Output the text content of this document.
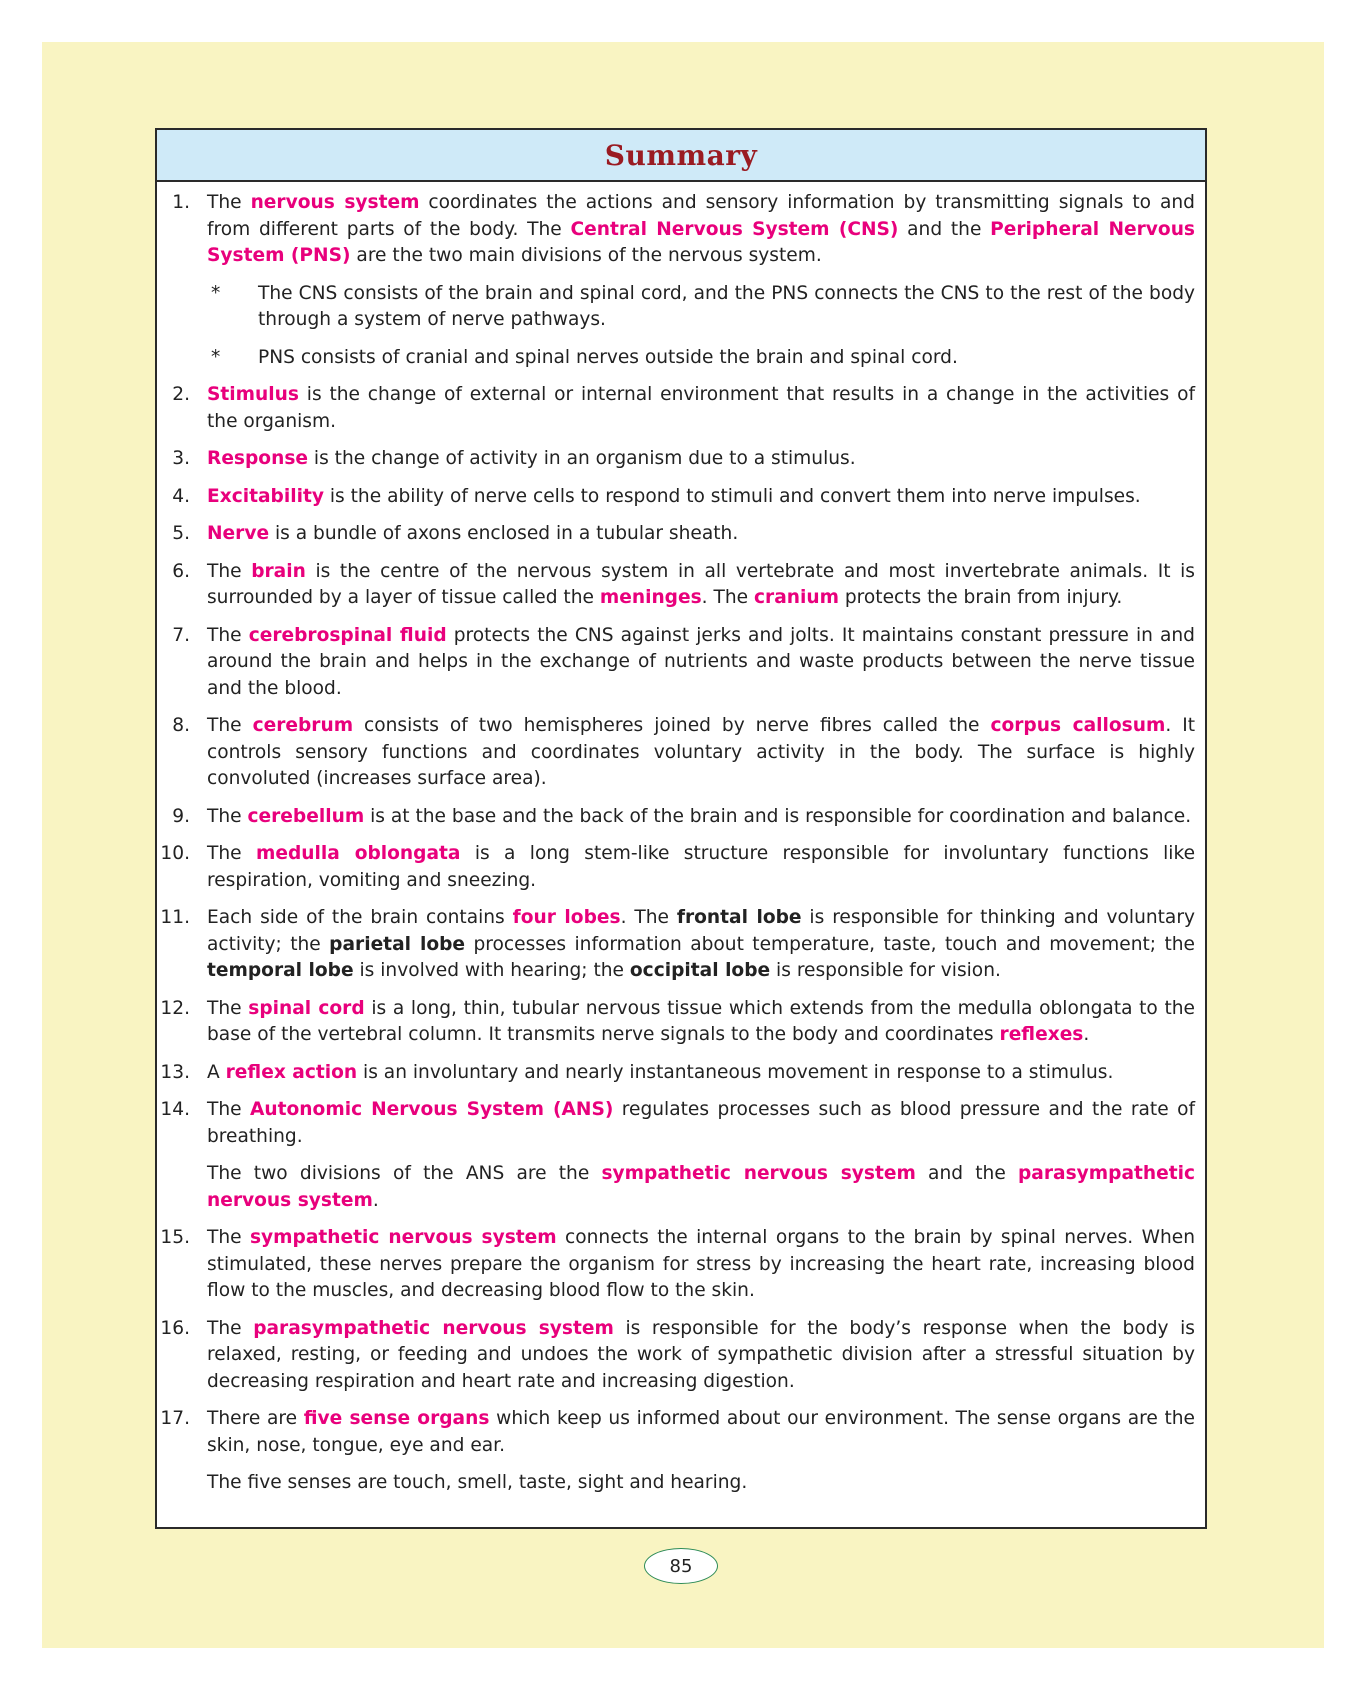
Summary
1. The nervous system coordinates the actions and sensory information by transmitting signals to and from different parts of the body. The Central Nervous System (CNS) and the Peripheral Nervous System (PNS) are the two main divisions of the nervous system.
* The CNS consists of the brain and spinal cord, and the PNS connects the CNS to the rest of the body through a system of nerve pathways.
* PNS consists of cranial and spinal nerves outside the brain and spinal cord.
2. Stimulus is the change of external or internal environment that results in a change in the activities of the organism.
3. Response is the change of activity in an organism due to a stimulus.
4. Excitability is the ability of nerve cells to respond to stimuli and convert them into nerve impulses.
5. Nerve is a bundle of axons enclosed in a tubular sheath.
6. The brain is the centre of the nervous system in all vertebrate and most invertebrate animals. It is surrounded by a layer of tissue called the meninges. The cranium protects the brain from injury.
7. The cerebrospinal fluid protects the CNS against jerks and jolts. It maintains constant pressure in and around the brain and helps in the exchange of nutrients and waste products between the nerve tissue and the blood.
8. The cerebrum consists of two hemispheres joined by nerve fibres called the corpus callosum. It controls sensory functions and coordinates voluntary activity in the body. The surface is highly convoluted (increases surface area).
9. The cerebellum is at the base and the back of the brain and is responsible for coordination and balance.
10. The medulla oblongata is a long stem-like structure responsible for involuntary functions like respiration, vomiting and sneezing.
11. Each side of the brain contains four lobes. The frontal lobe is responsible for thinking and voluntary activity; the parietal lobe processes information about temperature, taste, touch and movement; the temporal lobe is involved with hearing; the occipital lobe is responsible for vision.
12. The spinal cord is a long, thin, tubular nervous tissue which extends from the medulla oblongata to the base of the vertebral column. It transmits nerve signals to the body and coordinates reflexes.
13. A reflex action is an involuntary and nearly instantaneous movement in response to a stimulus.
14. The Autonomic Nervous System (ANS) regulates processes such as blood pressure and the rate of breathing.
The two divisions of the ANS are the sympathetic nervous system and the parasympathetic nervous system.
15. The sympathetic nervous system connects the internal organs to the brain by spinal nerves. When stimulated, these nerves prepare the organism for stress by increasing the heart rate, increasing blood flow to the muscles, and decreasing blood flow to the skin.
16. The parasympathetic nervous system is responsible for the body’s response when the body is relaxed, resting, or feeding and undoes the work of sympathetic division after a stressful situation by decreasing respiration and heart rate and increasing digestion.
17. There are five sense organs which keep us informed about our environment. The sense organs are the skin, nose, tongue, eye and ear.
The five senses are touch, smell, taste, sight and hearing.
85
